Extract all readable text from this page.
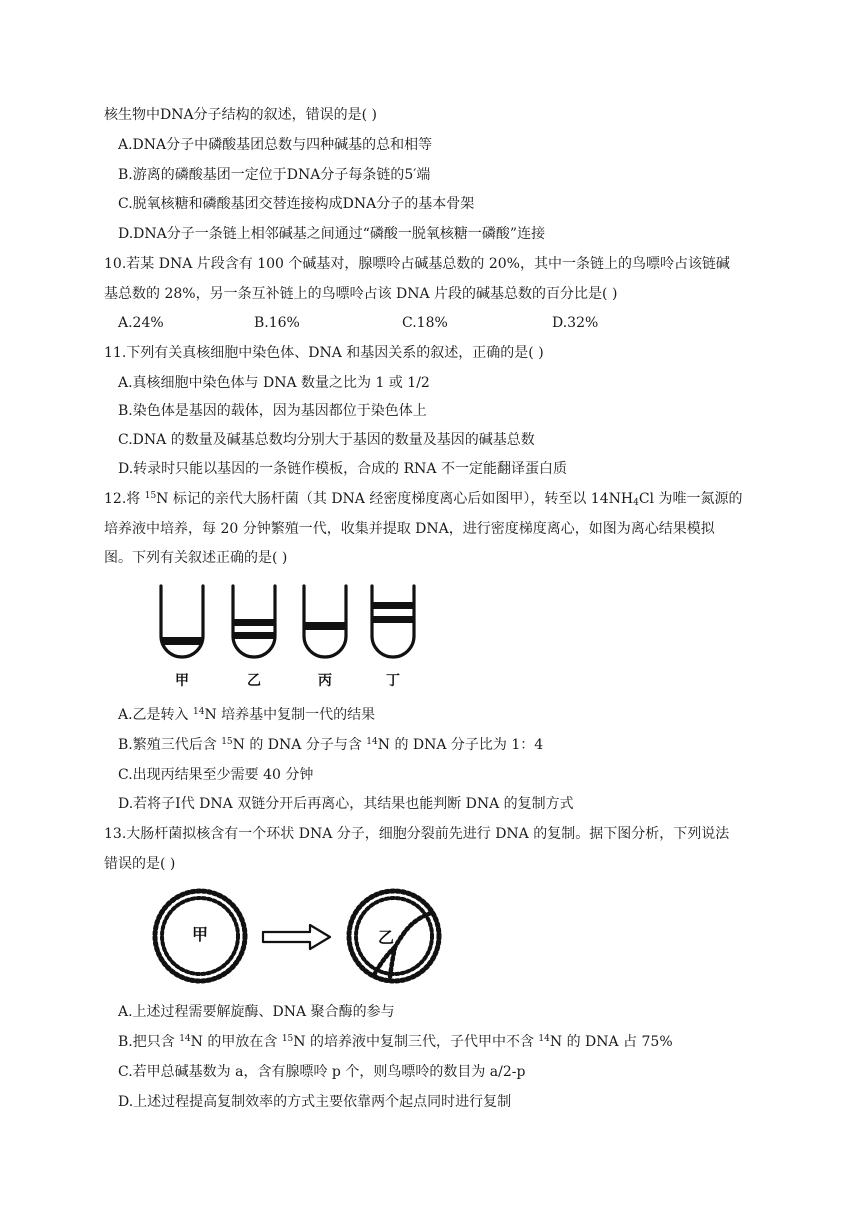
核生物中DNA分子结构的叙述，错误的是( )
A.DNA分子中磷酸基团总数与四种碱基的总和相等
B.游离的磷酸基团一定位于DNA分子每条链的5′端
C.脱氧核糖和磷酸基团交替连接构成DNA分子的基本骨架
D.DNA分子一条链上相邻碱基之间通过“磷酸一脱氧核糖一磷酸”连接
10.若某 DNA 片段含有 100 个碱基对，腺嘌呤占碱基总数的 20%，其中一条链上的鸟嘌呤占该链碱
基总数的 28%，另一条互补链上的鸟嘌呤占该 DNA 片段的碱基总数的百分比是( )
A.24%	B.16%	C.18%	D.32%
11.下列有关真核细胞中染色体、DNA 和基因关系的叙述，正确的是( )
A.真核细胞中染色体与 DNA 数量之比为 1 或 1/2
B.染色体是基因的载体，因为基因都位于染色体上
C.DNA 的数量及碱基总数均分别大于基因的数量及基因的碱基总数
D.转录时只能以基因的一条链作模板，合成的 RNA 不一定能翻译蛋白质
12.将 $^{15}$N 标记的亲代大肠杆菌（其 DNA 经密度梯度离心后如图甲），转至以 $14NH_4Cl$ 为唯一氮源的
培养液中培养，每 20 分钟繁殖一代，收集并提取 DNA，进行密度梯度离心，如图为离心结果模拟
图。下列有关叙述正确的是( )
甲	乙	丙	丁
A.乙是转入 $^{14}$N 培养基中复制一代的结果
B.繁殖三代后含 $^{15}$N 的 DNA 分子与含 $^{14}$N 的 DNA 分子比为 1：4
C.出现丙结果至少需要 40 分钟
D.若将子Ⅰ代 DNA 双链分开后再离心，其结果也能判断 DNA 的复制方式
13.大肠杆菌拟核含有一个环状 DNA 分子，细胞分裂前先进行 DNA 的复制。据下图分析，下列说法
错误的是( )
甲	乙
A.上述过程需要解旋酶、DNA 聚合酶的参与
B.把只含 $^{14}$N 的甲放在含 $^{15}$N 的培养液中复制三代，子代甲中不含 $^{14}$N 的 DNA 占 75%
C.若甲总碱基数为 a，含有腺嘌呤 p 个，则鸟嘌呤的数目为 a/2-p
D.上述过程提高复制效率的方式主要依靠两个起点同时进行复制
